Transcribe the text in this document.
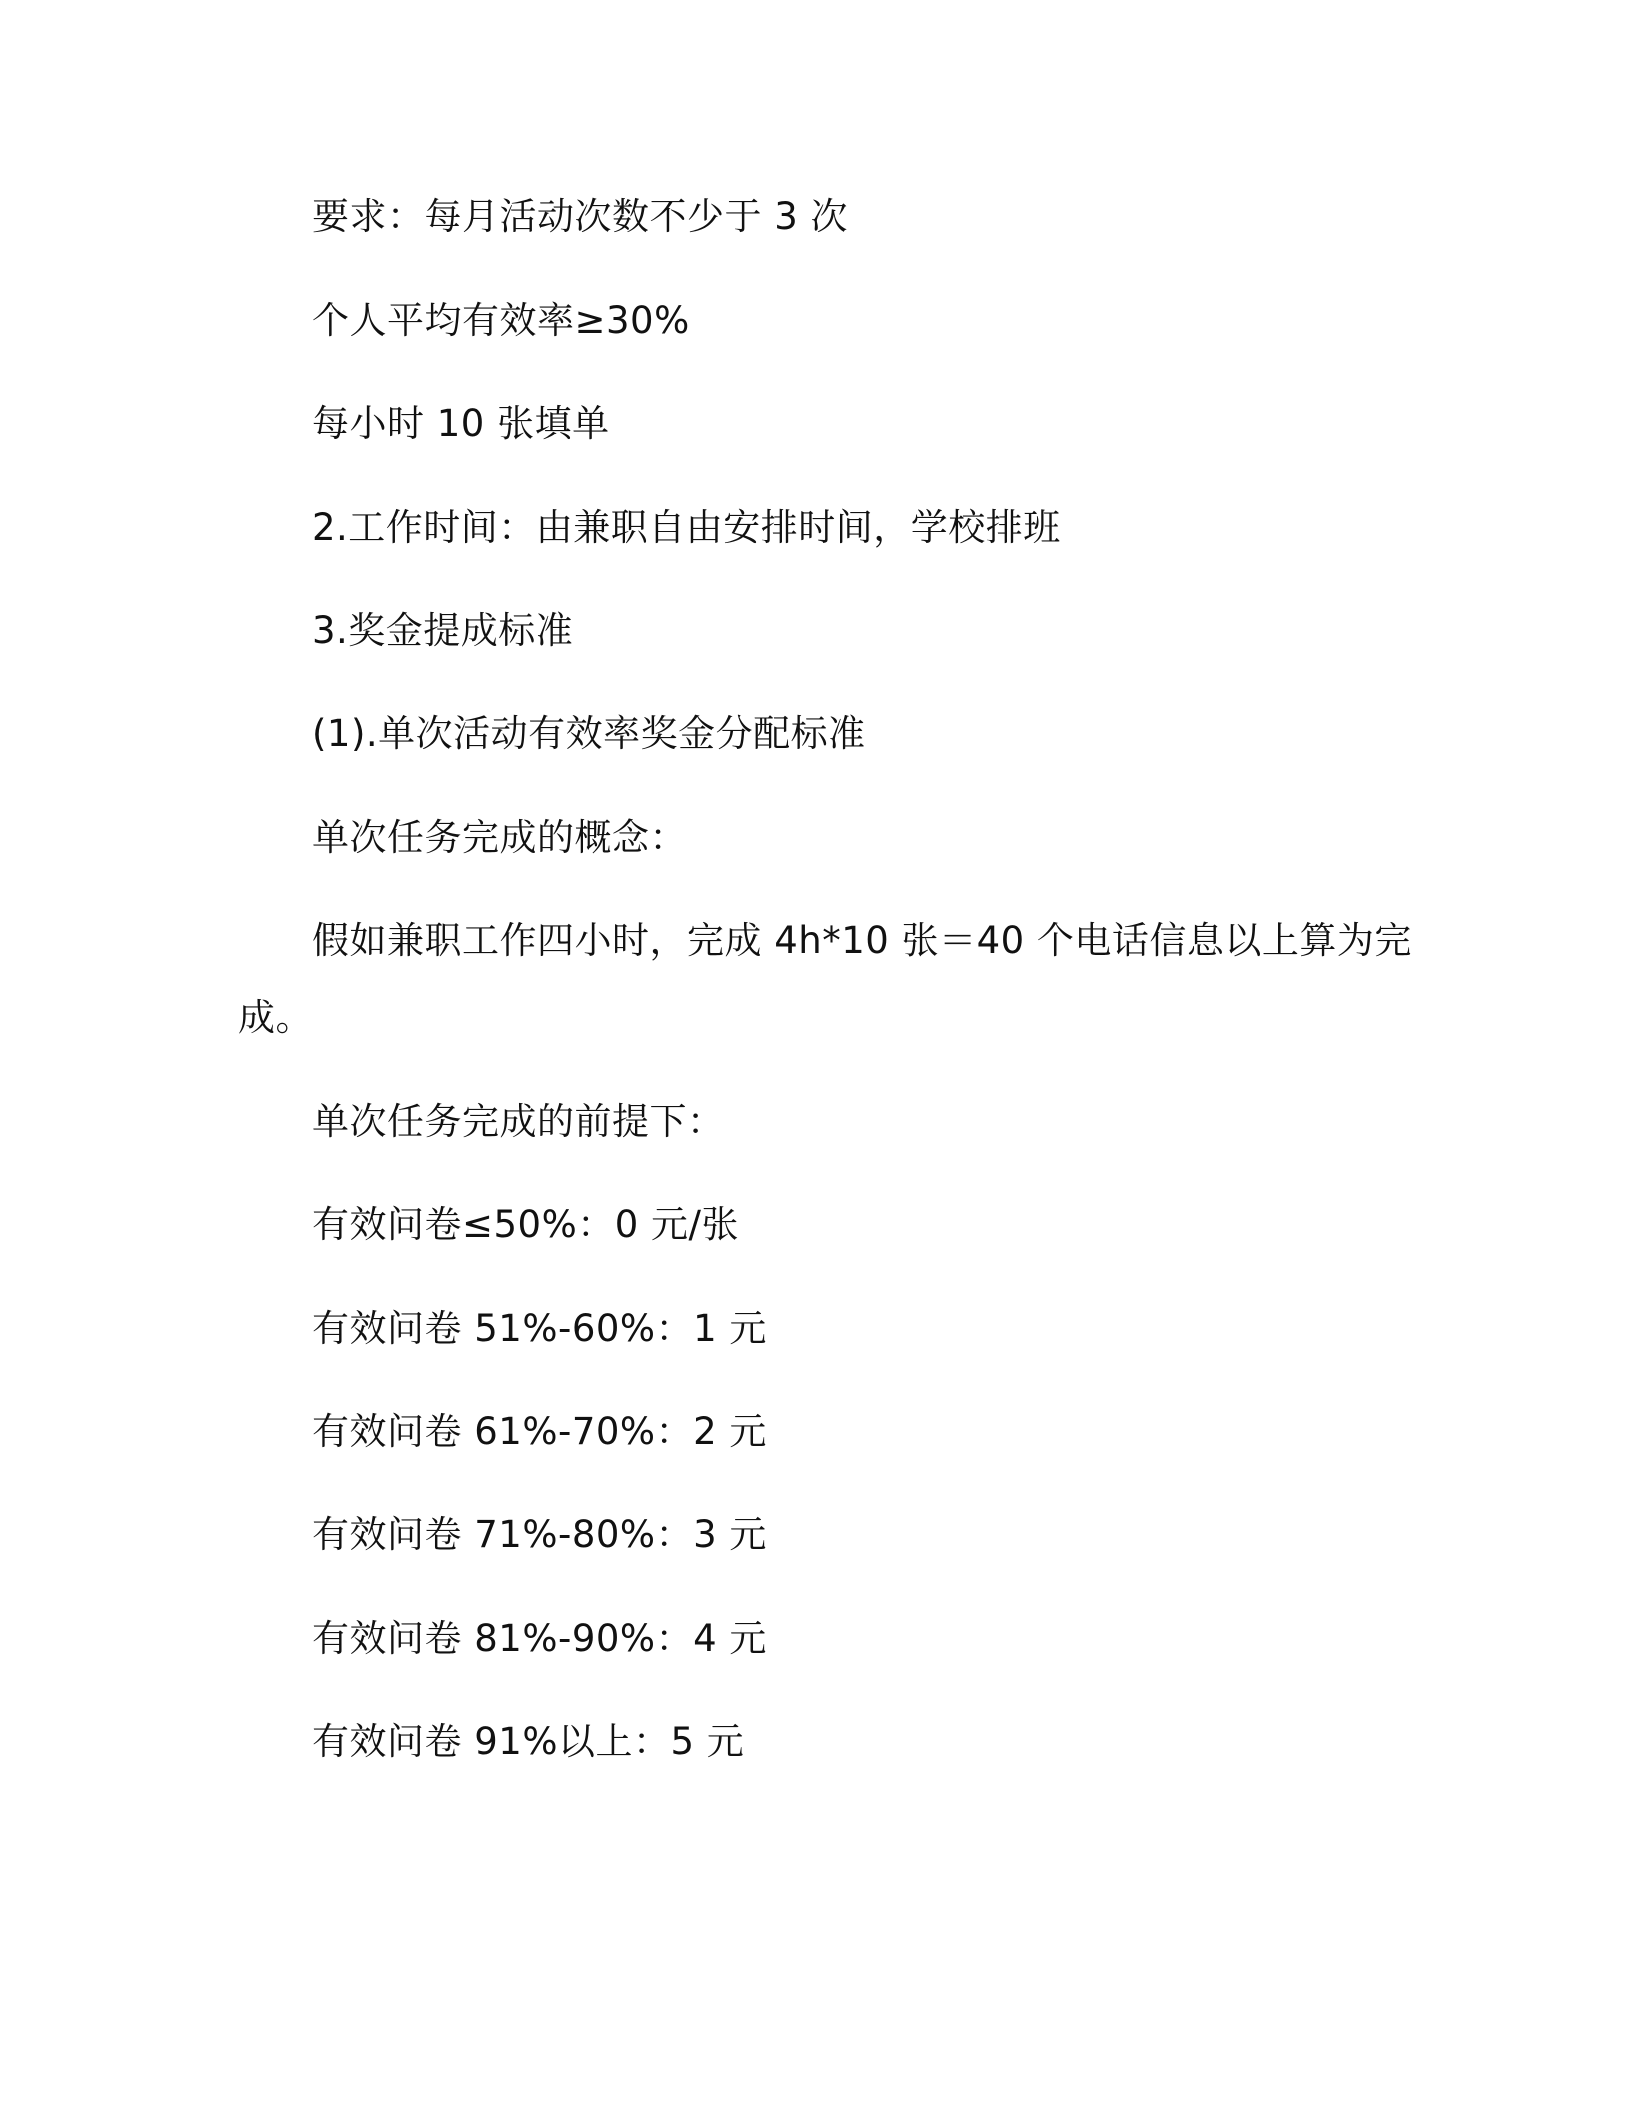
要求：每月活动次数不少于 3 次
个人平均有效率≥30%
每小时 10 张填单
2.工作时间：由兼职自由安排时间，学校排班
3.奖金提成标准
(1).单次活动有效率奖金分配标准
单次任务完成的概念：
假如兼职工作四小时，完成 4h*10 张＝40 个电话信息以上算为完
成。
单次任务完成的前提下：
有效问卷≤50%：0 元/张
有效问卷 51%-60%：1 元
有效问卷 61%-70%：2 元
有效问卷 71%-80%：3 元
有效问卷 81%-90%：4 元
有效问卷 91%以上：5 元
